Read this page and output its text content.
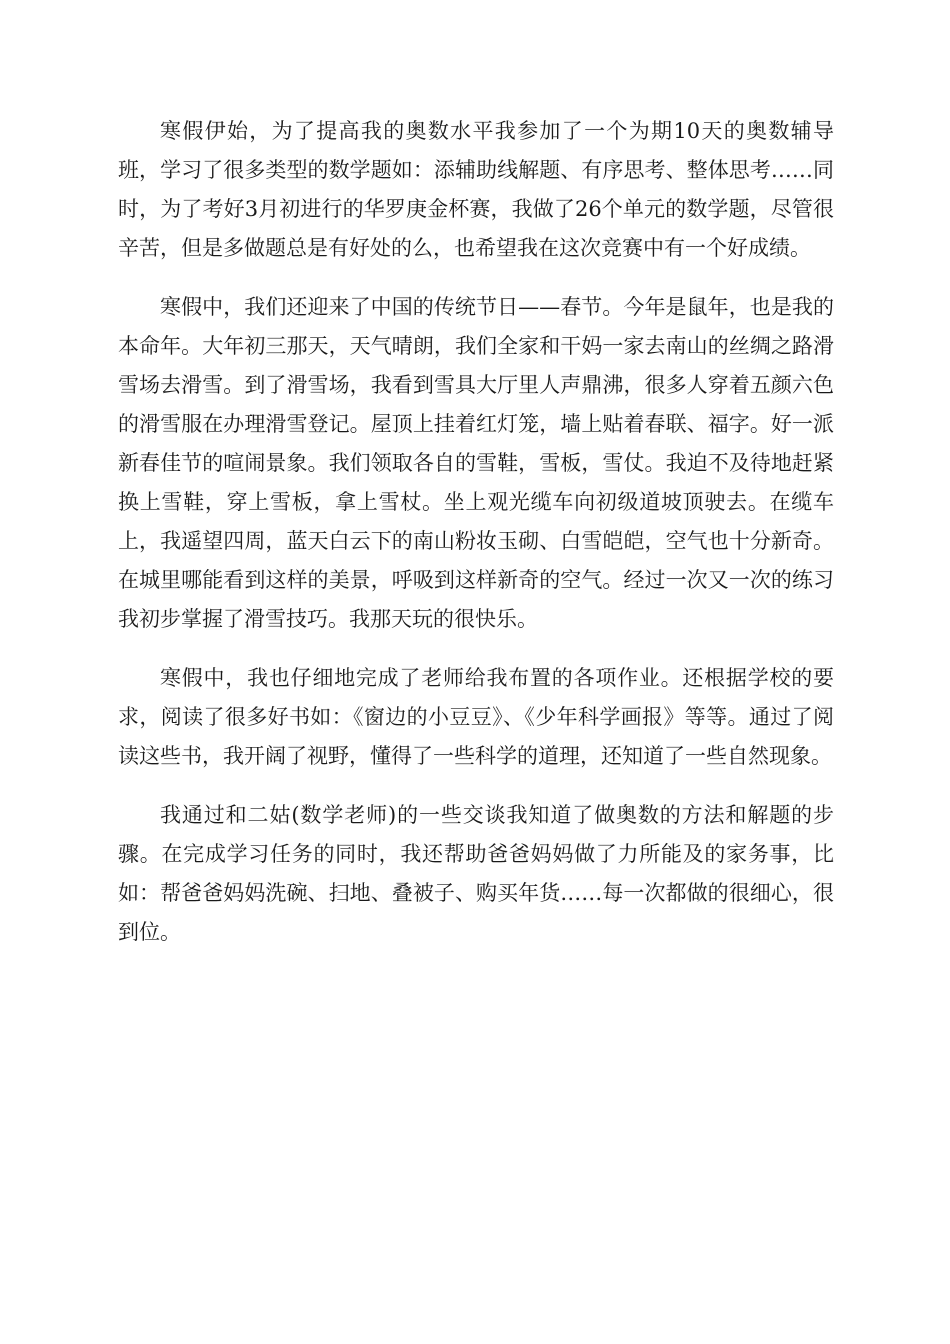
寒假伊始，为了提高我的奥数水平我参加了一个为期10天的奥数辅导班，学习了很多类型的数学题如：添辅助线解题、有序思考、整体思考……同时，为了考好3月初进行的华罗庚金杯赛，我做了26个单元的数学题，尽管很辛苦，但是多做题总是有好处的么，也希望我在这次竞赛中有一个好成绩。

寒假中，我们还迎来了中国的传统节日——春节。今年是鼠年，也是我的本命年。大年初三那天，天气晴朗，我们全家和干妈一家去南山的丝绸之路滑雪场去滑雪。到了滑雪场，我看到雪具大厅里人声鼎沸，很多人穿着五颜六色的滑雪服在办理滑雪登记。屋顶上挂着红灯笼，墙上贴着春联、福字。好一派新春佳节的喧闹景象。我们领取各自的雪鞋，雪板，雪仗。我迫不及待地赶紧换上雪鞋，穿上雪板，拿上雪杖。坐上观光缆车向初级道坡顶驶去。在缆车上，我遥望四周，蓝天白云下的南山粉妆玉砌、白雪皑皑，空气也十分新奇。在城里哪能看到这样的美景，呼吸到这样新奇的空气。经过一次又一次的练习我初步掌握了滑雪技巧。我那天玩的很快乐。

寒假中，我也仔细地完成了老师给我布置的各项作业。还根据学校的要求，阅读了很多好书如：《窗边的小豆豆》、《少年科学画报》等等。通过了阅读这些书，我开阔了视野，懂得了一些科学的道理，还知道了一些自然现象。

我通过和二姑(数学老师)的一些交谈我知道了做奥数的方法和解题的步骤。在完成学习任务的同时，我还帮助爸爸妈妈做了力所能及的家务事，比如：帮爸爸妈妈洗碗、扫地、叠被子、购买年货……每一次都做的很细心，很到位。
